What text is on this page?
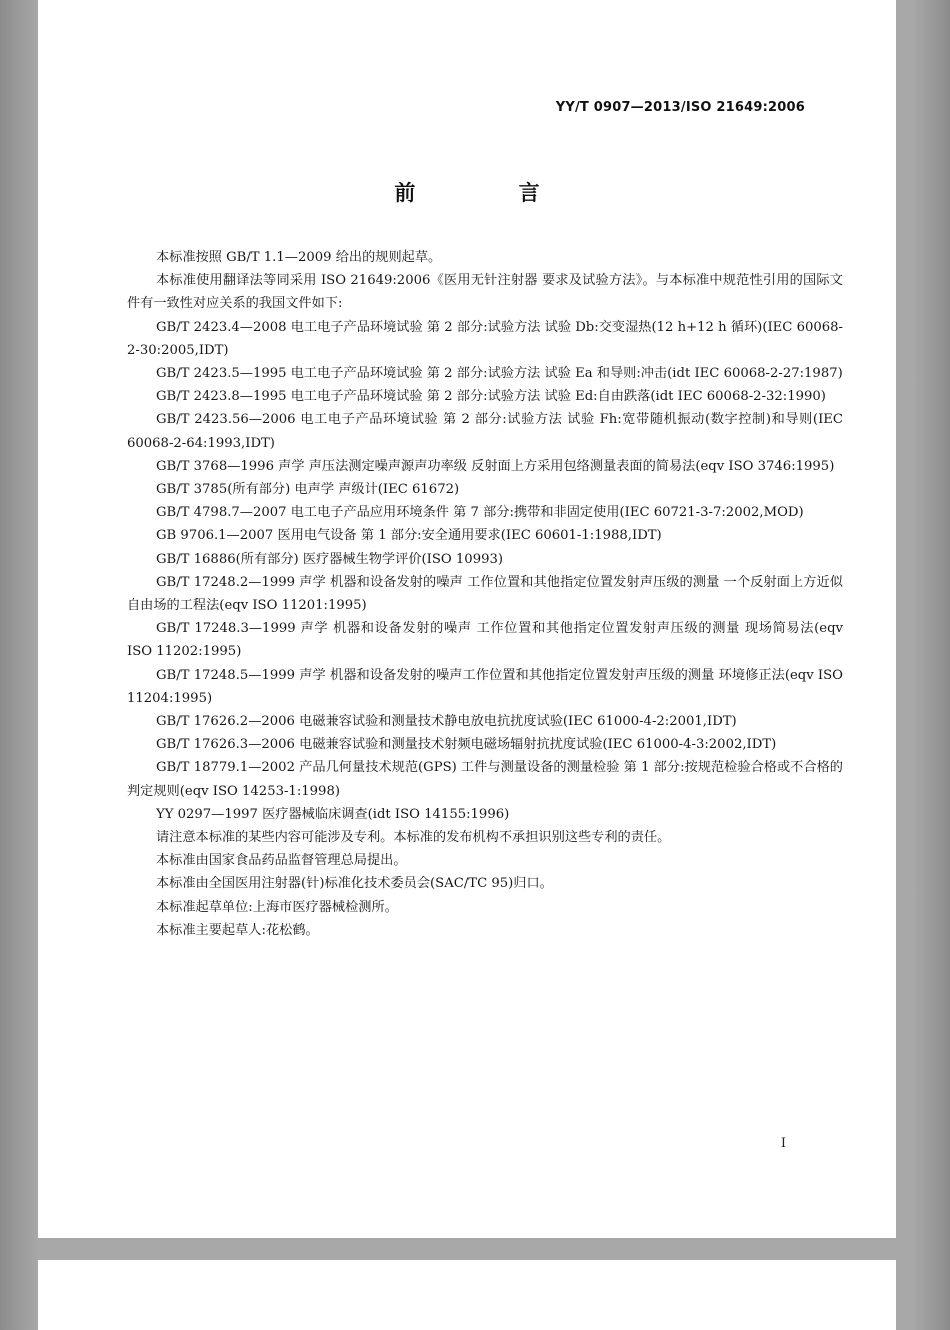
YY/T 0907—2013/ISO 21649:2006
前 言

本标准按照 GB/T 1.1—2009 给出的规则起草。

本标准使用翻译法等同采用 ISO 21649:2006《医用无针注射器 要求及试验方法》。与本标准中规范性引用的国际文件有一致性对应关系的我国文件如下:

GB/T 2423.4—2008 电工电子产品环境试验 第 2 部分:试验方法 试验 Db:交变湿热(12 h+12 h 循环)(IEC 60068-2-30:2005,IDT)

GB/T 2423.5—1995 电工电子产品环境试验 第 2 部分:试验方法 试验 Ea 和导则:冲击(idt IEC 60068-2-27:1987)

GB/T 2423.8—1995 电工电子产品环境试验 第 2 部分:试验方法 试验 Ed:自由跌落(idt IEC 60068-2-32:1990)

GB/T 2423.56—2006 电工电子产品环境试验 第 2 部分:试验方法 试验 Fh:宽带随机振动(数字控制)和导则(IEC 60068-2-64:1993,IDT)

GB/T 3768—1996 声学 声压法测定噪声源声功率级 反射面上方采用包络测量表面的简易法(eqv ISO 3746:1995)

GB/T 3785(所有部分) 电声学 声级计(IEC 61672)

GB/T 4798.7—2007 电工电子产品应用环境条件 第 7 部分:携带和非固定使用(IEC 60721-3-7:2002,MOD)

GB 9706.1—2007 医用电气设备 第 1 部分:安全通用要求(IEC 60601-1:1988,IDT)

GB/T 16886(所有部分) 医疗器械生物学评价(ISO 10993)

GB/T 17248.2—1999 声学 机器和设备发射的噪声 工作位置和其他指定位置发射声压级的测量 一个反射面上方近似自由场的工程法(eqv ISO 11201:1995)

GB/T 17248.3—1999 声学 机器和设备发射的噪声 工作位置和其他指定位置发射声压级的测量 现场简易法(eqv ISO 11202:1995)

GB/T 17248.5—1999 声学 机器和设备发射的噪声工作位置和其他指定位置发射声压级的测量 环境修正法(eqv ISO 11204:1995)

GB/T 17626.2—2006 电磁兼容试验和测量技术静电放电抗扰度试验(IEC 61000-4-2:2001,IDT)

GB/T 17626.3—2006 电磁兼容试验和测量技术射频电磁场辐射抗扰度试验(IEC 61000-4-3:2002,IDT)

GB/T 18779.1—2002 产品几何量技术规范(GPS) 工件与测量设备的测量检验 第 1 部分:按规范检验合格或不合格的判定规则(eqv ISO 14253-1:1998)

YY 0297—1997 医疗器械临床调查(idt ISO 14155:1996)

请注意本标准的某些内容可能涉及专利。本标准的发布机构不承担识别这些专利的责任。

本标准由国家食品药品监督管理总局提出。

本标准由全国医用注射器(针)标准化技术委员会(SAC/TC 95)归口。

本标准起草单位:上海市医疗器械检测所。

本标准主要起草人:花松鹤。

I
